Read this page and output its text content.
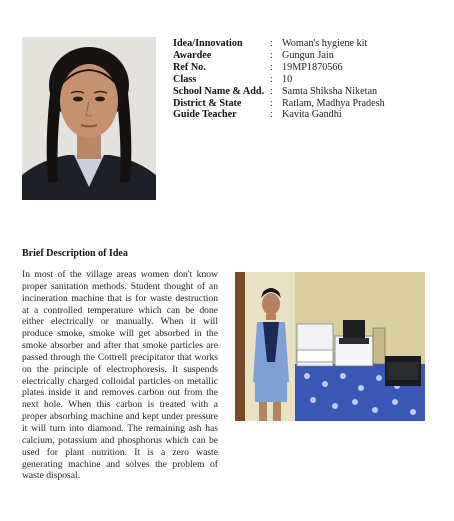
Idea/Innovation	: Woman's hygiene kit
Awardee	: Gungun Jain
Ref No.	: 19MP1870566
Class	: 10
School Name & Add. : Samta Shiksha Niketan
District & State	: Ratlam, Madhya Pradesh
Guide Teacher	: Kavita Gandhi
Brief Description of Idea

In most of the village areas women don't know proper sanitation methods. Student thought of an incineration machine that is for waste destruction at a controlled temperature which can be done either electrically or manually. When it will produce smoke, smoke will get absorbed in the smoke absorber and after that smoke particles are passed through the Cottrell precipitator that works on the principle of electrophoresis. It suspends electrically charged colloidal particles on metallic plates inside it and removes carbon out from the next hole. When this carbon is treated with a proper absorbing machine and kept under pressure it will turn into diamond. The remaining ash has calcium, potassium and phosphorus which can be used for plant nutrition. It is a zero waste generating machine and solves the problem of waste disposal.
